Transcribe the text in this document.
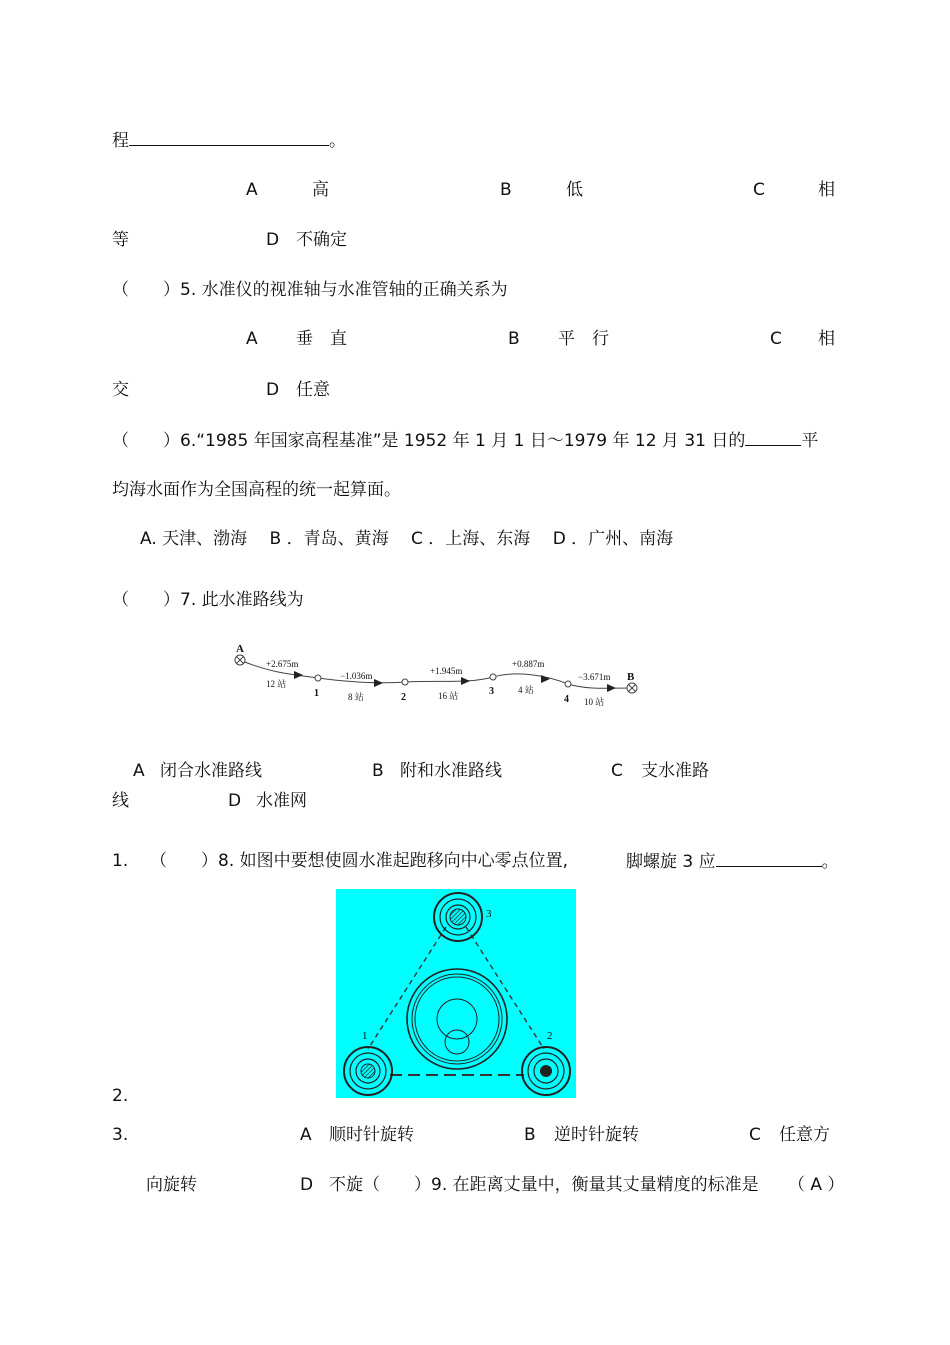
程	。
A	高	B	低	C	相
等	D 不确定
（　　）5. 水准仪的视准轴与水准管轴的正确关系为
A 垂　直	B 平　行	C 相
交	D 任意
（　　）6.“1985 年国家高程基准”是 1952 年 1 月 1 日～1979 年 12 月 31 日的	平
均海水面作为全国高程的统一起算面。
A. 天津、渤海　 B ．青岛、黄海　 C ．上海、东海　 D ．广州、南海
（　　）7. 此水准路线为
A
B
1	2
3
4
+2.675m
12 站
−1.036m
8 站
+1.945m
16 站
+0.887m
4 站
−3.671m
10 站
A 闭合水准路线	B 附和水准路线	C 支水准路
线	D 水准网
1. （　　）8. 如图中要想使圆水准起跑移向中心零点位置,	脚螺旋 3 应	。
1	2
3
2.
3.	A 顺时针旋转	B 逆时针旋转	C 任意方
向旋转	D 不旋（　　）9. 在距离丈量中，衡量其丈量精度的标准是 （ A ）
